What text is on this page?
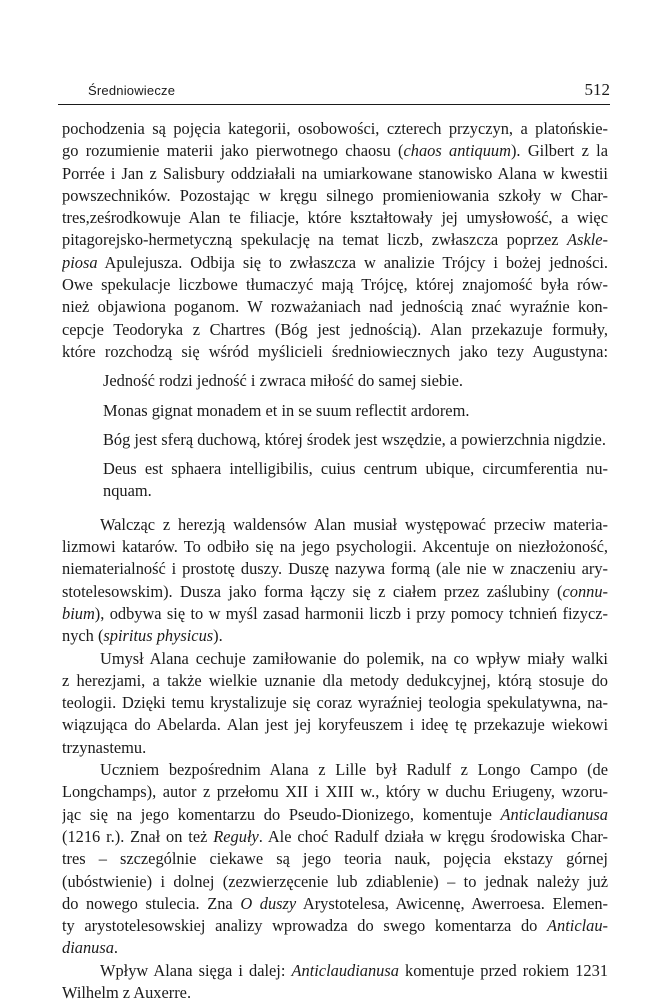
Średniowiecze	512
pochodzenia są pojęcia kategorii, osobowości, czterech przyczyn, a platońskie-
go rozumienie materii jako pierwotnego chaosu (chaos antiquum). Gilbert z la
Porrée i Jan z Salisbury oddziałali na umiarkowane stanowisko Alana w kwestii
powszechników. Pozostając w kręgu silnego promieniowania szkoły w Char-
tres,ześrodkowuje Alan te filiacje, które kształtowały jej umysłowość, a więc
pitagorejsko-hermetyczną spekulację na temat liczb, zwłaszcza poprzez Askle-
piosa Apulejusza. Odbija się to zwłaszcza w analizie Trójcy i bożej jedności.
Owe spekulacje liczbowe tłumaczyć mają Trójcę, której znajomość była rów-
nież objawiona poganom. W rozważaniach nad jednością znać wyraźnie kon-
cepcje Teodoryka z Chartres (Bóg jest jednością). Alan przekazuje formuły,
które rozchodzą się wśród myślicieli średniowiecznych jako tezy Augustyna:
Jedność rodzi jedność i zwraca miłość do samej siebie.
Monas gignat monadem et in se suum reflectit ardorem.
Bóg jest sferą duchową, której środek jest wszędzie, a powierzchnia nigdzie.
Deus est sphaera intelligibilis, cuius centrum ubique, circumferentia nu-
nquam.
Walcząc z herezją waldensów Alan musiał występować przeciw materia-
lizmowi katarów. To odbiło się na jego psychologii. Akcentuje on niezłożoność,
niematerialność i prostotę duszy. Duszę nazywa formą (ale nie w znaczeniu ary-
stotelesowskim). Dusza jako forma łączy się z ciałem przez zaślubiny (connu-
bium), odbywa się to w myśl zasad harmonii liczb i przy pomocy tchnień fizycz-
nych (spiritus physicus).
Umysł Alana cechuje zamiłowanie do polemik, na co wpływ miały walki
z herezjami, a także wielkie uznanie dla metody dedukcyjnej, którą stosuje do
teologii. Dzięki temu krystalizuje się coraz wyraźniej teologia spekulatywna, na-
wiązująca do Abelarda. Alan jest jej koryfeuszem i ideę tę przekazuje wiekowi
trzynastemu.
Uczniem bezpośrednim Alana z Lille był Radulf z Longo Campo (de
Longchamps), autor z przełomu XII i XIII w., który w duchu Eriugeny, wzoru-
jąc się na jego komentarzu do Pseudo-Dionizego, komentuje Anticlaudianusa
(1216 r.). Znał on też Reguły. Ale choć Radulf działa w kręgu środowiska Char-
tres – szczególnie ciekawe są jego teoria nauk, pojęcia ekstazy górnej
(ubóstwienie) i dolnej (zezwierzęcenie lub zdiablenie) – to jednak należy już
do nowego stulecia. Zna O duszy Arystotelesa, Awicennę, Awerroesa. Elemen-
ty arystotelesowskiej analizy wprowadza do swego komentarza do Anticlau-
dianusa.
Wpływ Alana sięga i dalej: Anticlaudianusa komentuje przed rokiem 1231
Wilhelm z Auxerre.
